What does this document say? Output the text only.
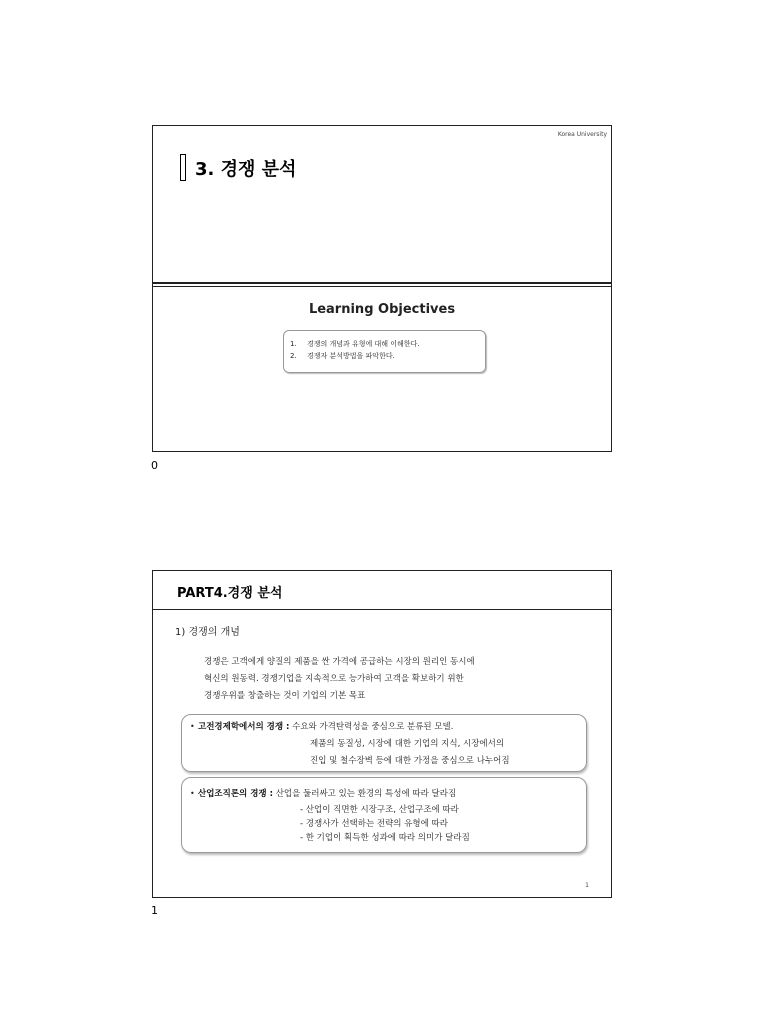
Korea University
3. 경쟁 분석
Learning Objectives
1. 경쟁의 개념과 유형에 대해 이해한다.
2. 경쟁자 분석방법을 파악한다.
0
PART4.경쟁 분석
1) 경쟁의 개념
경쟁은 고객에게 양질의 제품을 싼 가격에 공급하는 시장의 원리인 동시에
혁신의 원동력. 경쟁기업을 지속적으로 능가하여 고객을 확보하기 위한
경쟁우위를 창출하는 것이 기업의 기본 목표
• 고전경제학에서의 경쟁 : 수요와 가격탄력성을 중심으로 분류된 모델.
제품의 동질성, 시장에 대한 기업의 지식, 시장에서의
진입 및 철수장벽 등에 대한 가정을 중심으로 나누어짐
• 산업조직론의 경쟁 : 산업을 둘러싸고 있는 환경의 특성에 따라 달라짐
- 산업이 직면한 시장구조, 산업구조에 따라
- 경쟁사가 선택하는 전략의 유형에 따라
- 한 기업이 획득한 성과에 따라 의미가 달라짐
1
1
